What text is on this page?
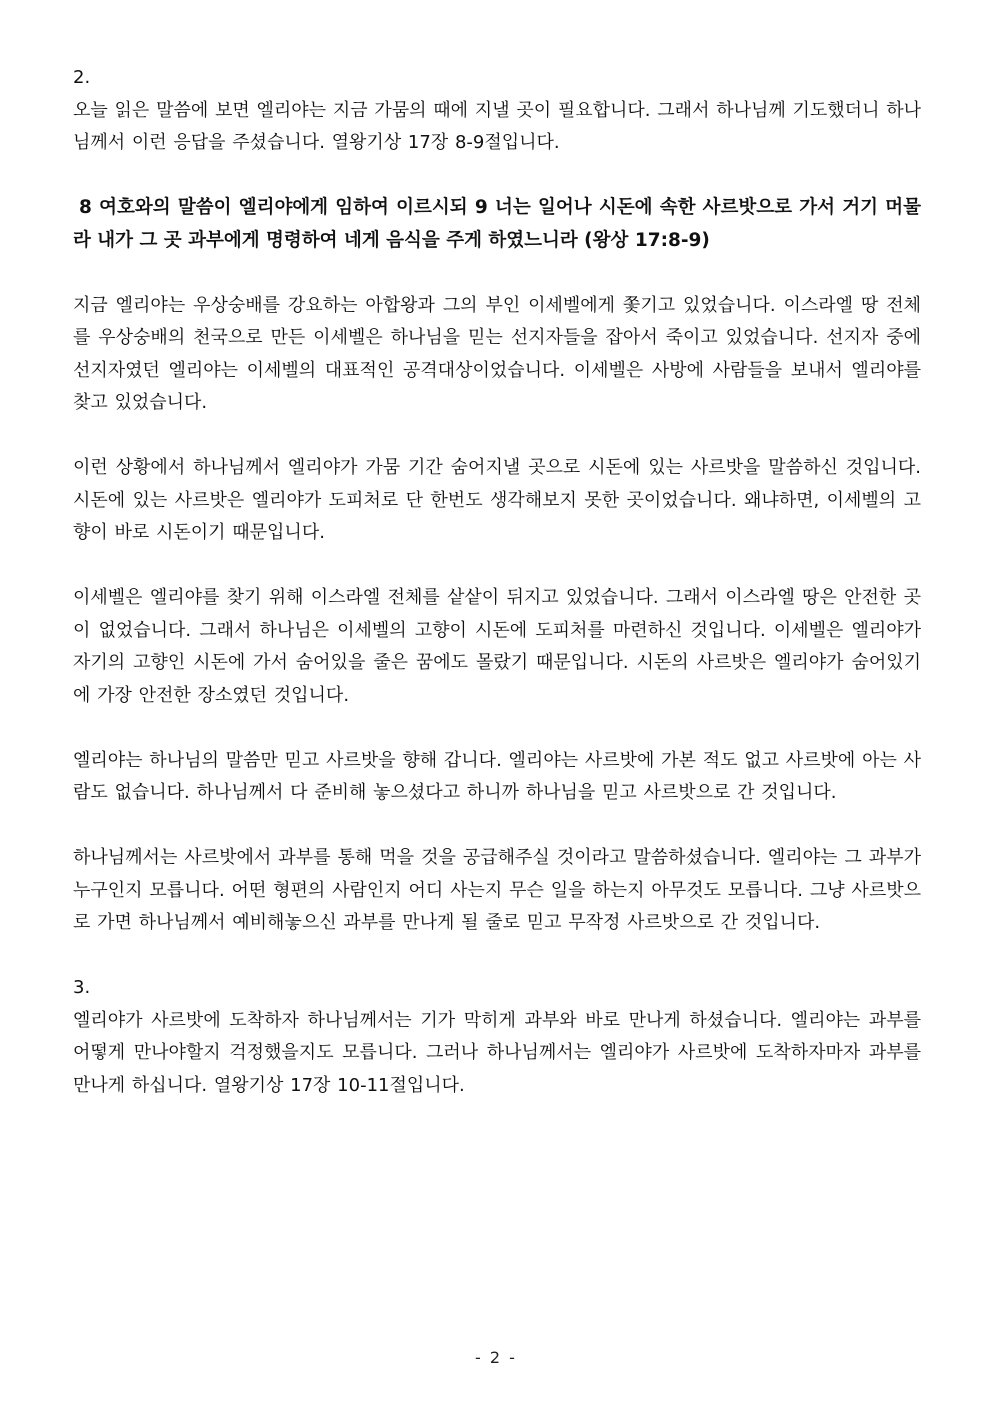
2.

오늘 읽은 말씀에 보면 엘리야는 지금 가뭄의 때에 지낼 곳이 필요합니다. 그래서 하나님께 기도했더니 하나님께서 이런 응답을 주셨습니다. 열왕기상 17장 8-9절입니다.

8 여호와의 말씀이 엘리야에게 임하여 이르시되 9 너는 일어나 시돈에 속한 사르밧으로 가서 거기 머물라 내가 그 곳 과부에게 명령하여 네게 음식을 주게 하였느니라 (왕상 17:8-9)

지금 엘리야는 우상숭배를 강요하는 아합왕과 그의 부인 이세벨에게 쫓기고 있었습니다. 이스라엘 땅 전체를 우상숭배의 천국으로 만든 이세벨은 하나님을 믿는 선지자들을 잡아서 죽이고 있었습니다. 선지자 중에 선지자였던 엘리야는 이세벨의 대표적인 공격대상이었습니다. 이세벨은 사방에 사람들을 보내서 엘리야를 찾고 있었습니다.

이런 상황에서 하나님께서 엘리야가 가뭄 기간 숨어지낼 곳으로 시돈에 있는 사르밧을 말씀하신 것입니다. 시돈에 있는 사르밧은 엘리야가 도피처로 단 한번도 생각해보지 못한 곳이었습니다. 왜냐하면, 이세벨의 고향이 바로 시돈이기 때문입니다.

이세벨은 엘리야를 찾기 위해 이스라엘 전체를 샅샅이 뒤지고 있었습니다. 그래서 이스라엘 땅은 안전한 곳이 없었습니다. 그래서 하나님은 이세벨의 고향이 시돈에 도피처를 마련하신 것입니다. 이세벨은 엘리야가 자기의 고향인 시돈에 가서 숨어있을 줄은 꿈에도 몰랐기 때문입니다. 시돈의 사르밧은 엘리야가 숨어있기에 가장 안전한 장소였던 것입니다.

엘리야는 하나님의 말씀만 믿고 사르밧을 향해 갑니다. 엘리야는 사르밧에 가본 적도 없고 사르밧에 아는 사람도 없습니다. 하나님께서 다 준비해 놓으셨다고 하니까 하나님을 믿고 사르밧으로 간 것입니다.

하나님께서는 사르밧에서 과부를 통해 먹을 것을 공급해주실 것이라고 말씀하셨습니다. 엘리야는 그 과부가 누구인지 모릅니다. 어떤 형편의 사람인지 어디 사는지 무슨 일을 하는지 아무것도 모릅니다. 그냥 사르밧으로 가면 하나님께서 예비해놓으신 과부를 만나게 될 줄로 믿고 무작정 사르밧으로 간 것입니다.

3.

엘리야가 사르밧에 도착하자 하나님께서는 기가 막히게 과부와 바로 만나게 하셨습니다. 엘리야는 과부를 어떻게 만나야할지 걱정했을지도 모릅니다. 그러나 하나님께서는 엘리야가 사르밧에 도착하자마자 과부를 만나게 하십니다. 열왕기상 17장 10-11절입니다.

- 2 -
